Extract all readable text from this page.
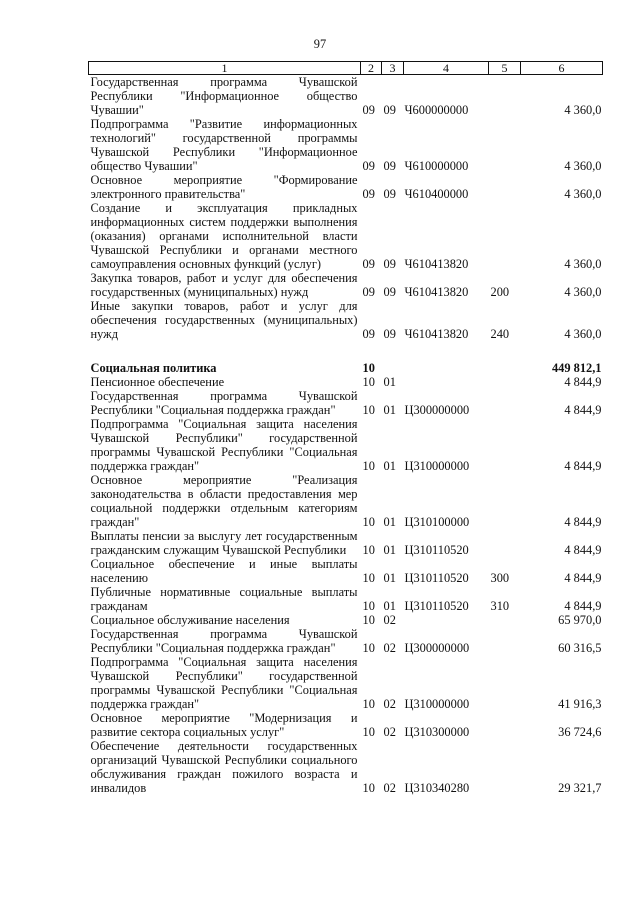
97
1	2	3	4	5	6
Государственная программа Чувашской Республики "Информационное общество Чувашии"	09	09	Ч600000000		4 360,0
Подпрограмма "Развитие информационных технологий" государственной программы Чувашской Республики "Информационное общество Чувашии"	09	09	Ч610000000		4 360,0
Основное мероприятие "Формирование электронного правительства"	09	09	Ч610400000		4 360,0
Создание и эксплуатация прикладных информационных систем поддержки выполнения (оказания) органами исполнительной власти Чувашской Республики и органами местного самоуправления основных функций (услуг)	09	09	Ч610413820		4 360,0
Закупка товаров, работ и услуг для обеспечения государственных (муниципальных) нужд	09	09	Ч610413820	200	4 360,0
Иные закупки товаров, работ и услуг для обеспечения государственных (муниципальных) нужд	09	09	Ч610413820	240	4 360,0
Социальная политика	10				449 812,1
Пенсионное обеспечение	10	01			4 844,9
Государственная программа Чувашской Республики "Социальная поддержка граждан"	10	01	Ц300000000		4 844,9
Подпрограмма "Социальная защита населения Чувашской Республики" государственной программы Чувашской Республики "Социальная поддержка граждан"	10	01	Ц310000000		4 844,9
Основное мероприятие "Реализация законодательства в области предоставления мер социальной поддержки отдельным категориям граждан"	10	01	Ц310100000		4 844,9
Выплаты пенсии за выслугу лет государственным гражданским служащим Чувашской Республики	10	01	Ц310110520		4 844,9
Социальное обеспечение и иные выплаты населению	10	01	Ц310110520	300	4 844,9
Публичные нормативные социальные выплаты гражданам	10	01	Ц310110520	310	4 844,9
Социальное обслуживание населения	10	02			65 970,0
Государственная программа Чувашской Республики "Социальная поддержка граждан"	10	02	Ц300000000		60 316,5
Подпрограмма "Социальная защита населения Чувашской Республики" государственной программы Чувашской Республики "Социальная поддержка граждан"	10	02	Ц310000000		41 916,3
Основное мероприятие "Модернизация и развитие сектора социальных услуг"	10	02	Ц310300000		36 724,6
Обеспечение деятельности государственных организаций Чувашской Республики социального обслуживания граждан пожилого возраста и инвалидов	10	02	Ц310340280		29 321,7
